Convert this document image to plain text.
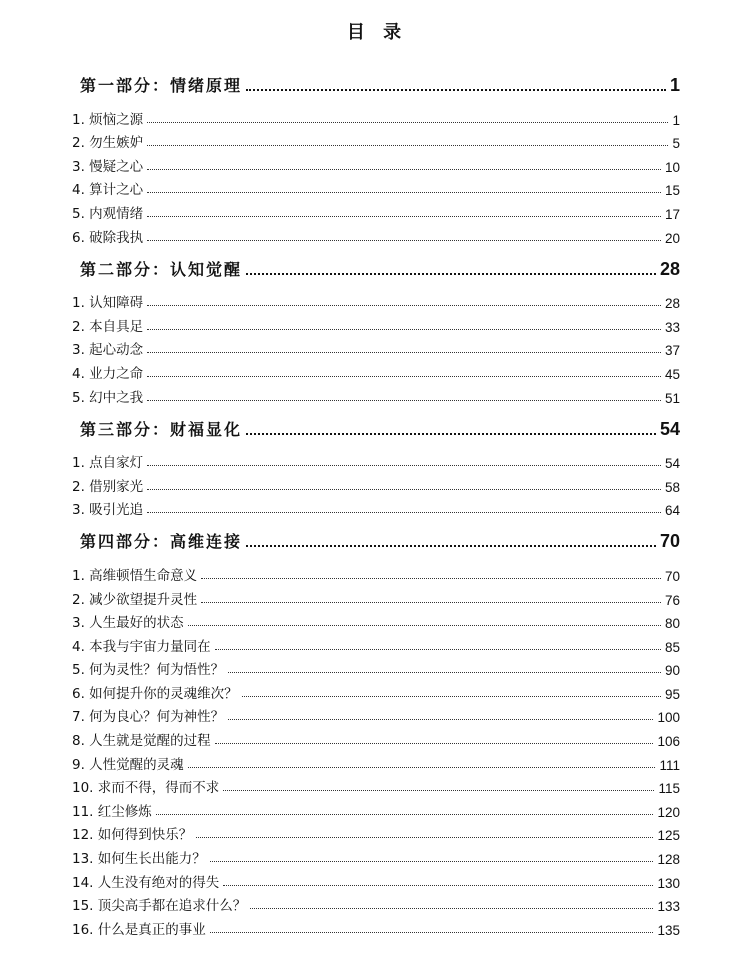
目 录
第一部分：情绪原理	1
1. 烦恼之源	1
2. 勿生嫉妒	5
3. 慢疑之心	10
4. 算计之心	15
5. 内观情绪	17
6. 破除我执	20
第二部分：认知觉醒	28
1. 认知障碍	28
2. 本自具足	33
3. 起心动念	37
4. 业力之命	45
5. 幻中之我	51
第三部分：财福显化	54
1. 点自家灯	54
2. 借别家光	58
3. 吸引光追	64
第四部分：高维连接	70
1. 高维顿悟生命意义	70
2. 减少欲望提升灵性	76
3. 人生最好的状态	80
4. 本我与宇宙力量同在	85
5. 何为灵性？何为悟性？	90
6. 如何提升你的灵魂维次？	95
7. 何为良心？何为神性？	100
8. 人生就是觉醒的过程	106
9. 人性觉醒的灵魂	111
10. 求而不得，得而不求	115
11. 红尘修炼	120
12. 如何得到快乐？	125
13. 如何生长出能力？	128
14. 人生没有绝对的得失	130
15. 顶尖高手都在追求什么？	133
16. 什么是真正的事业	135
